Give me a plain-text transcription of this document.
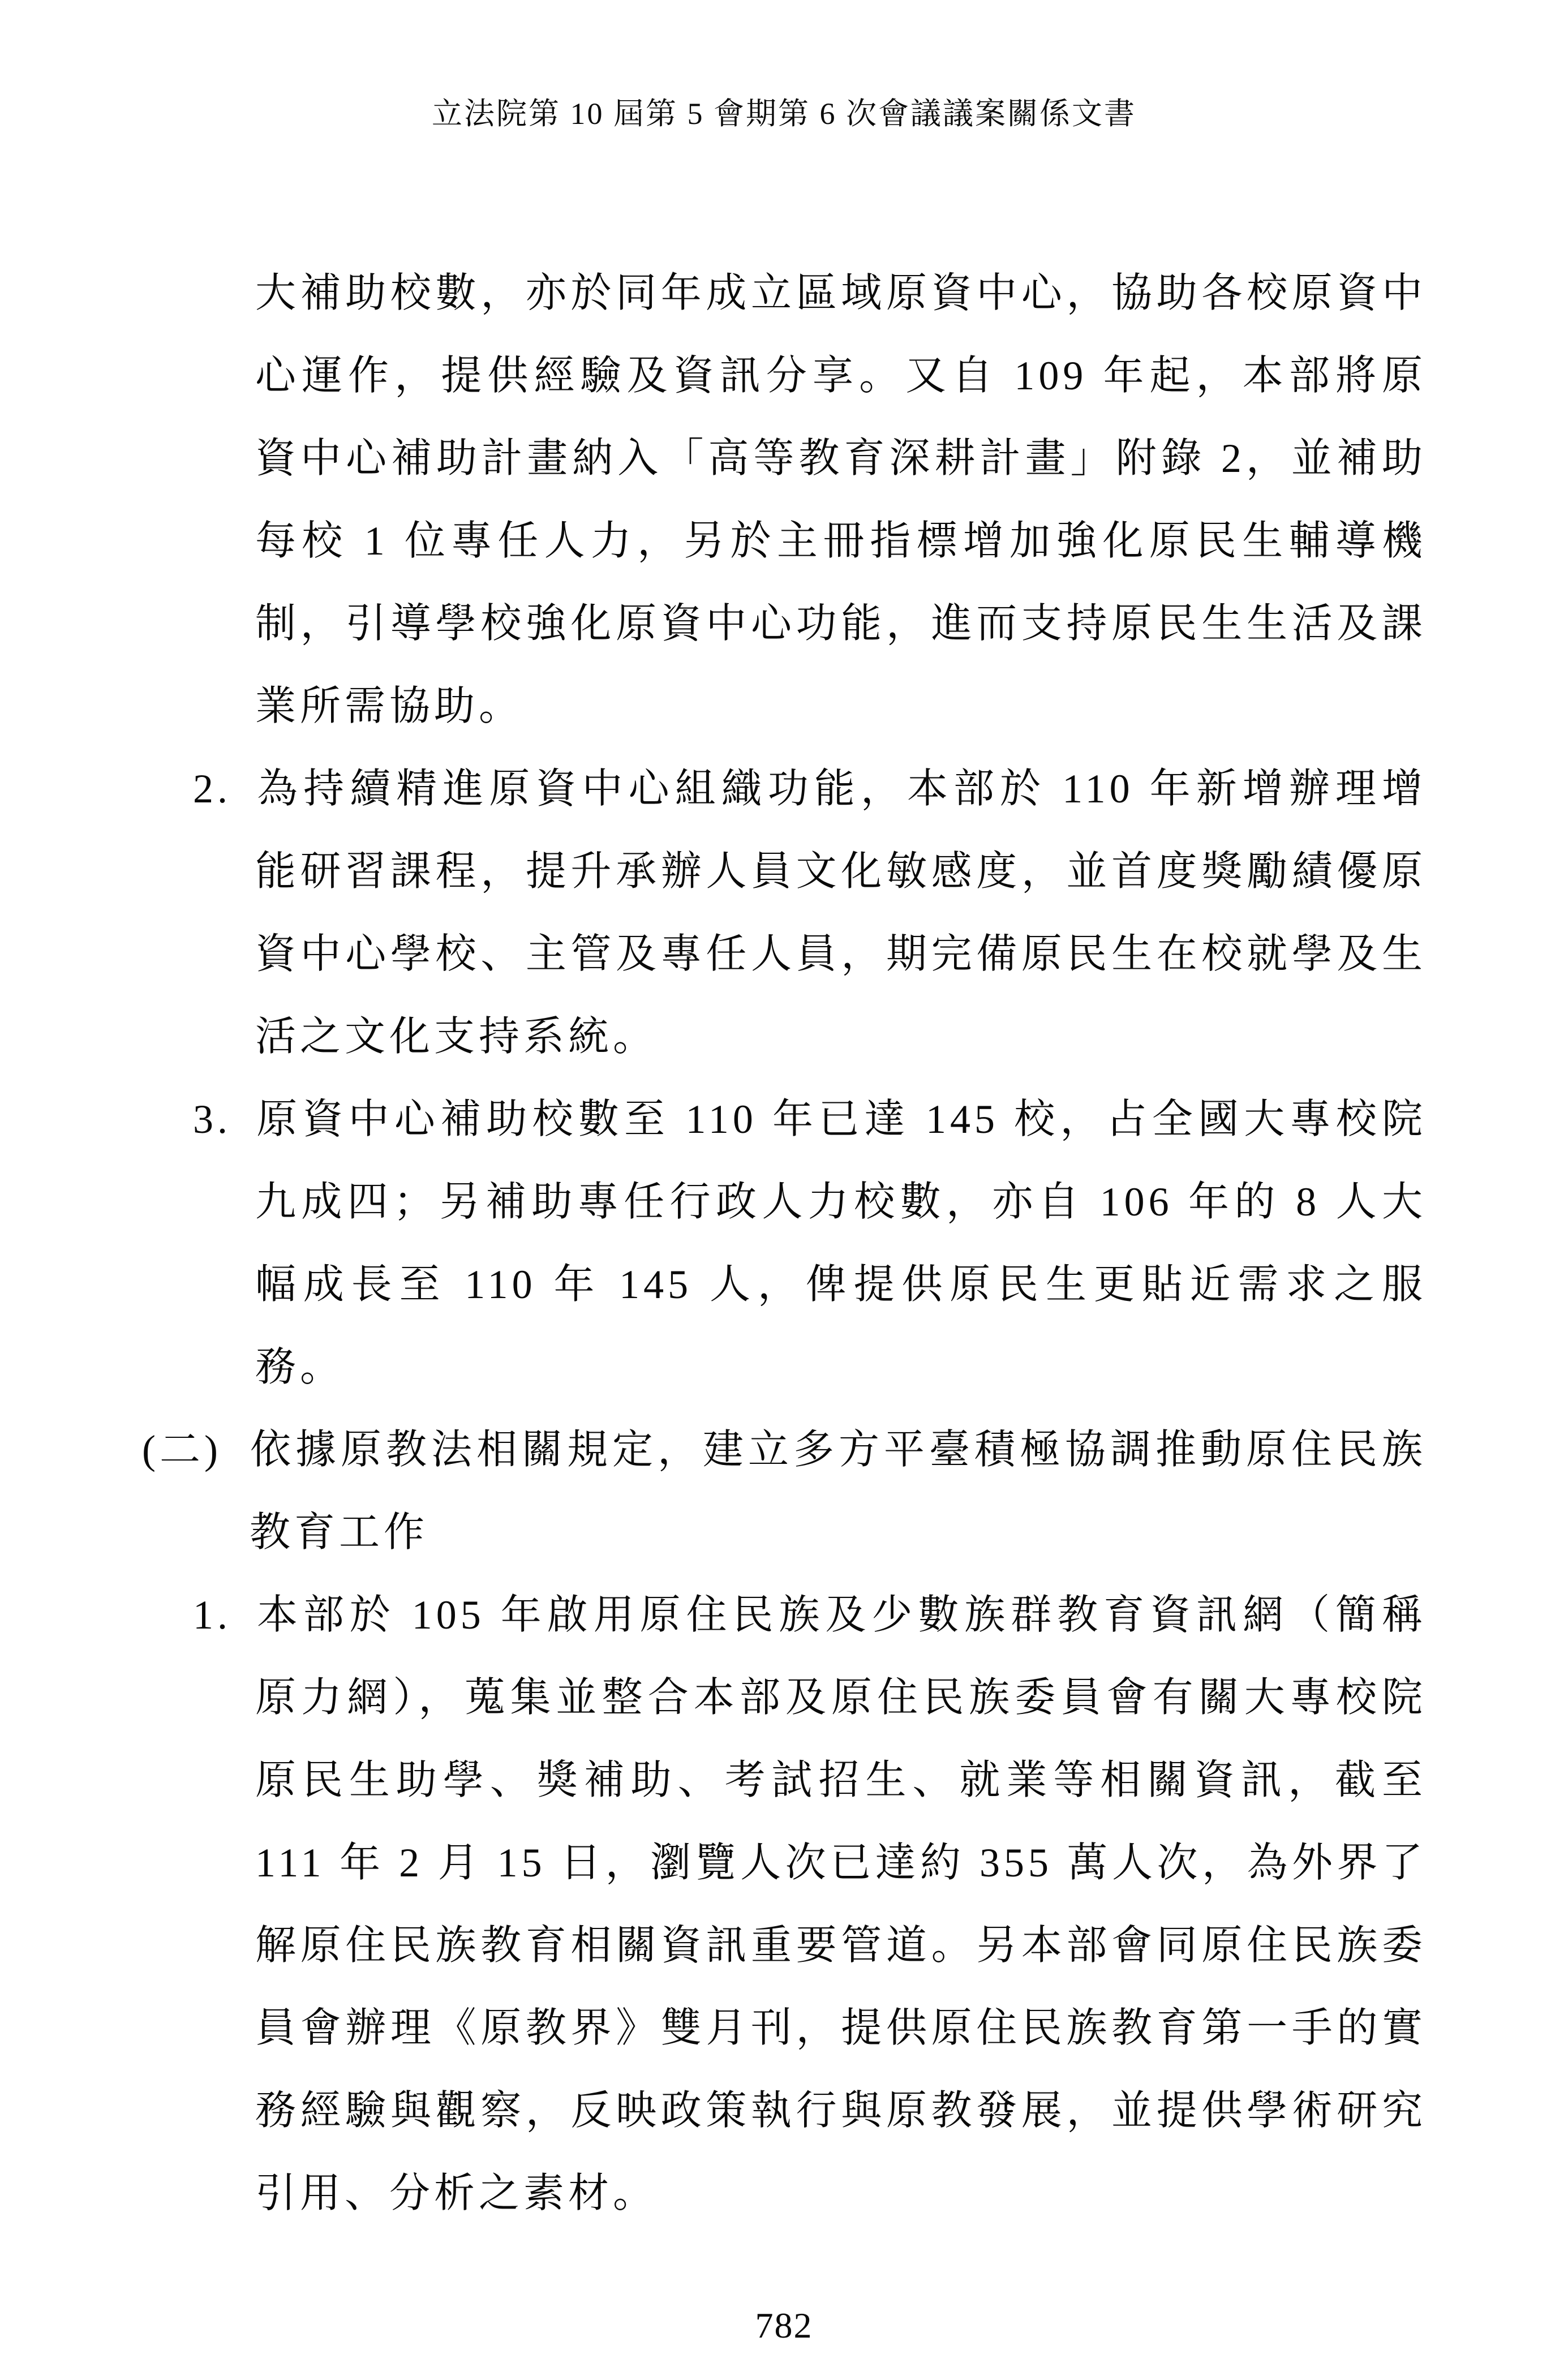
立法院第 10 屆第 5 會期第 6 次會議議案關係文書
大補助校數，亦於同年成立區域原資中心，協助各校原資中心運作，提供經驗及資訊分享。又自 109 年起，本部將原資中心補助計畫納入「高等教育深耕計畫」附錄 2，並補助每校 1 位專任人力，另於主冊指標增加強化原民生輔導機制，引導學校強化原資中心功能，進而支持原民生生活及課業所需協助。
2. 為持續精進原資中心組織功能，本部於 110 年新增辦理增能研習課程，提升承辦人員文化敏感度，並首度獎勵績優原資中心學校、主管及專任人員，期完備原民生在校就學及生活之文化支持系統。
3. 原資中心補助校數至 110 年已達 145 校，占全國大專校院九成四；另補助專任行政人力校數，亦自 106 年的 8 人大幅成長至 110 年 145 人，俾提供原民生更貼近需求之服務。
(二) 依據原教法相關規定，建立多方平臺積極協調推動原住民族教育工作
1. 本部於 105 年啟用原住民族及少數族群教育資訊網（簡稱原力網），蒐集並整合本部及原住民族委員會有關大專校院原民生助學、獎補助、考試招生、就業等相關資訊，截至 111 年 2 月 15 日，瀏覽人次已達約 355 萬人次，為外界了解原住民族教育相關資訊重要管道。另本部會同原住民族委員會辦理《原教界》雙月刊，提供原住民族教育第一手的實務經驗與觀察，反映政策執行與原教發展，並提供學術研究引用、分析之素材。
782
